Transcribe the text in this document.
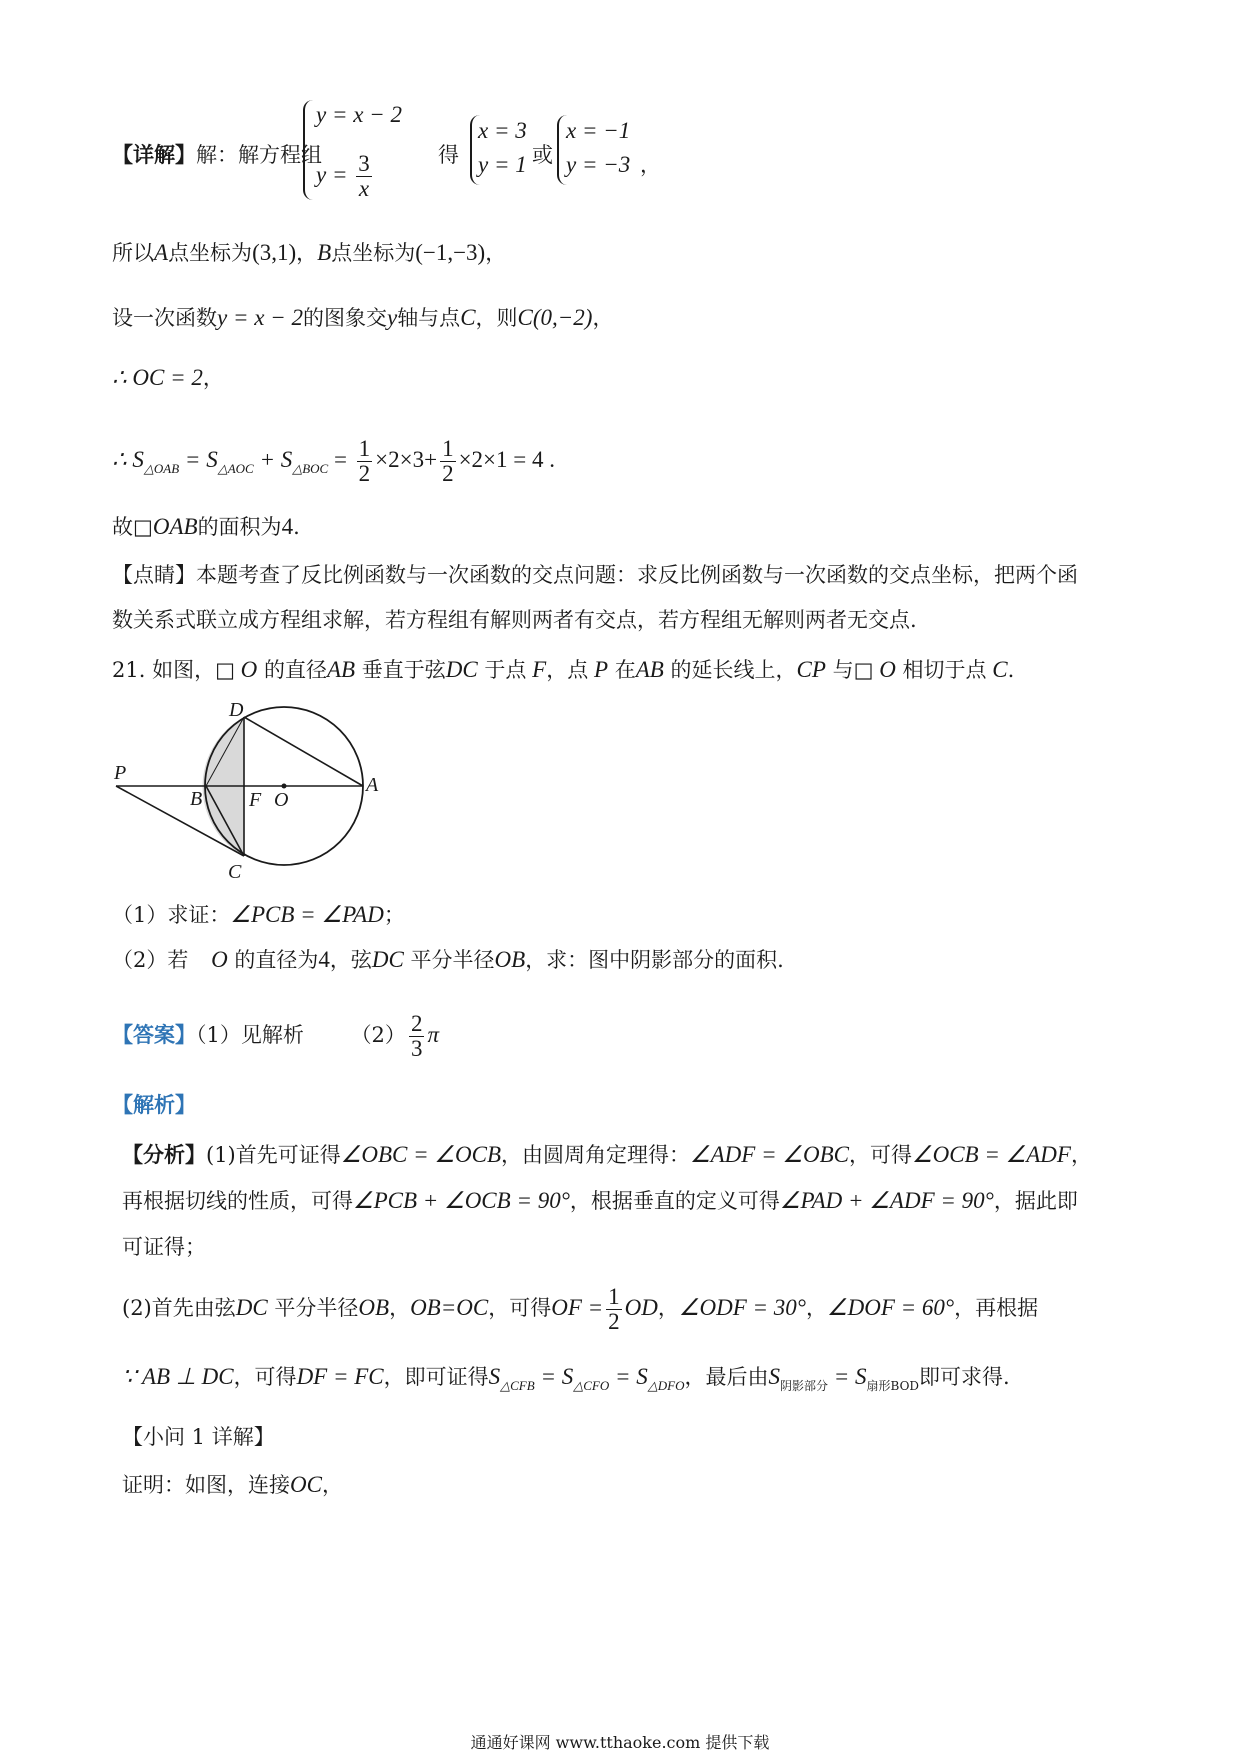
【详解】解：解方程组
y = x − 2
$y = \frac{3}{x}$	得
x = 3
y = 1 或
x = −1
y = −3 ，
所以A点坐标为(3,1)，B点坐标为(−1,−3)，
设一次函数y = x − 2的图象交y轴与点C，则C(0,−2)，
∴ OC = 2，
∴ $S_{\triangle OAB} = S_{\triangle AOC} + S_{\triangle BOC} = \frac{1}{2} \times 2\times 3+ \frac{1}{2} \times 2\times 1 = 4$ .
故□OAB的面积为4.
【点睛】本题考查了反比例函数与一次函数的交点问题：求反比例函数与一次函数的交点坐标，把两个函
数关系式联立成方程组求解，若方程组有解则两者有交点，若方程组无解则两者无交点.
21. 如图，□ O 的直径AB 垂直于弦DC 于点 F，点 P 在AB 的延长线上，CP 与□ O 相切于点 C.
D
P
B F O
A
C
（1）求证：∠PCB = ∠PAD；
（2）若 O 的直径为4，弦DC 平分半径OB，求：图中阴影部分的面积.
【答案】（1）见解析 $(2) \frac{2}{3}$ π
【解析】
【分析】(1)首先可证得∠OBC = ∠OCB，由圆周角定理得：∠ADF = ∠OBC，可得∠OCB = ∠ADF，
再根据切线的性质，可得∠PCB + ∠OCB = 90°，根据垂直的定义可得∠PAD + ∠ADF = 90°，据此即
可证得；
(2)首先由弦DC 平分半径OB，OB=OC，可得OF = $\frac{1}{2}$ OD，∠ODF = 30°，∠DOF = 60°，再根据
∵ AB ⊥ DC，可得DF = FC，即可证得$S_{\triangle CFB} = S_{\triangle CFO} = S_{\triangle DFO}$，最后由$S_{阴影部分} = S_{扇形BOD}$即可求得.
【小问 1 详解】
证明：如图，连接OC，
通通好课网 www.tthaoke.com 提供下载
